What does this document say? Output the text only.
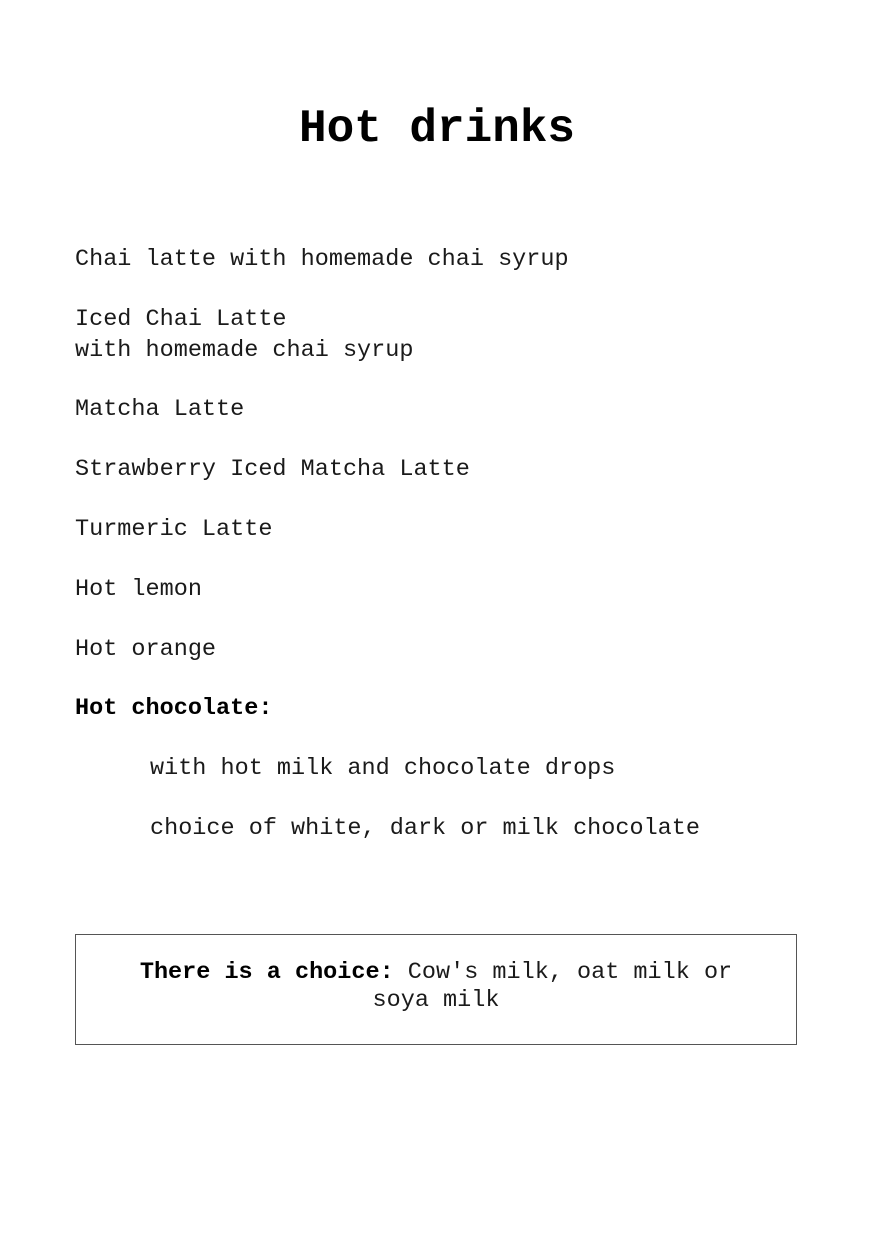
Hot drinks

Chai latte with homemade chai syrup

Iced Chai Latte

with homemade chai syrup

Matcha Latte

Strawberry Iced Matcha Latte

Turmeric Latte

Hot lemon

Hot orange

Hot chocolate:

with hot milk and chocolate drops

choice of white, dark or milk chocolate

There is a choice: Cow's milk, oat milk or soya milk
